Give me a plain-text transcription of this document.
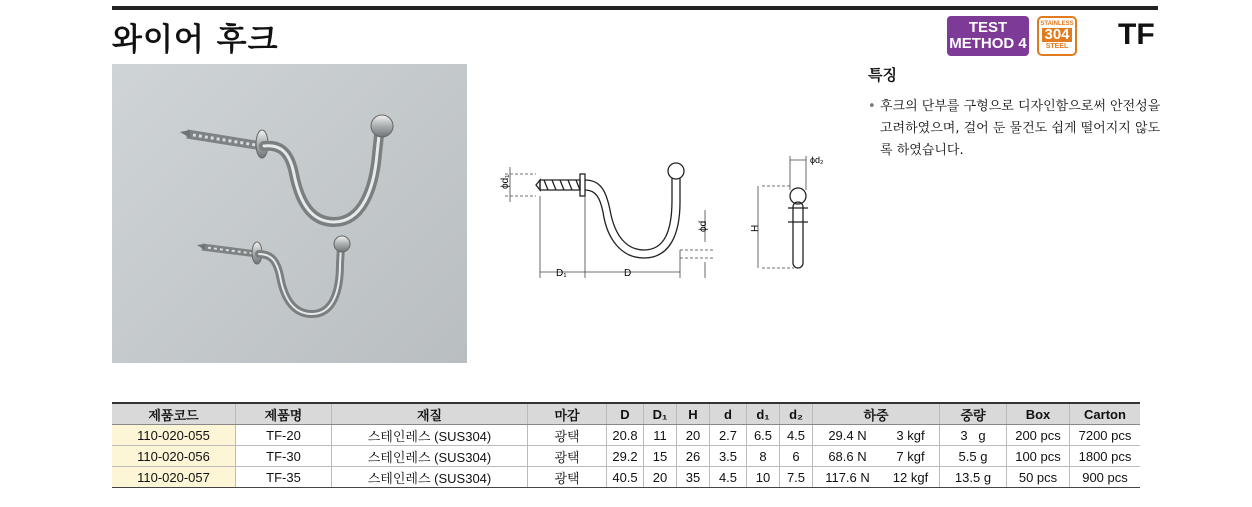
와이어 후크	TEST
METHOD 4
STAINLESS
304
STEEL TF
특징
• 후크의 단부를 구형으로 디자인함으로써 안전성을 고려하였으며, 걸어 둔 물건도 쉽게 떨어지지 않도록 하였습니다.
ϕd₁
D₁	D
ϕd	H
ϕd₂
제품코드	제품명	재질	마감	D	D₁	H	d	d₁	d₂	하중		중량	Box	Carton
110-020-055	TF-20	스테인레스 (SUS304)	광택	20.8	11	20	2.7	6.5	4.5	29.4 N	3 kgf	3 g	200 pcs	7200 pcs
110-020-056	TF-30	스테인레스 (SUS304)	광택	29.2	15	26	3.5	8	6	68.6 N	7 kgf	5.5 g	100 pcs	1800 pcs
110-020-057	TF-35	스테인레스 (SUS304)	광택	40.5	20	35	4.5	10	7.5	117.6 N	12 kgf	13.5 g	50 pcs	900 pcs
